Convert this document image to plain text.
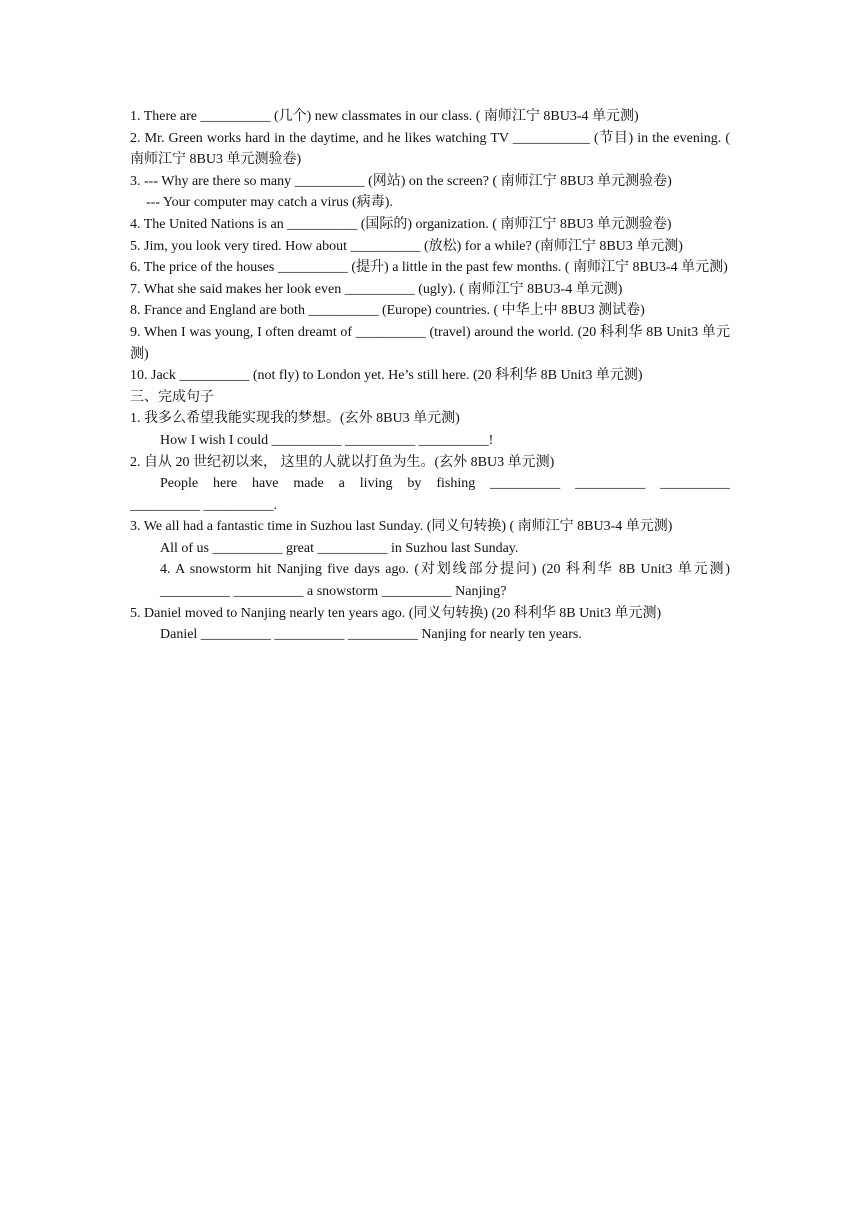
1. There are __________ (几个) new classmates in our class. ( 南师江宁 8BU3-4 单元测)
2. Mr. Green works hard in the daytime, and he likes watching TV ___________ (节目) in the evening. ( 南师江宁 8BU3 单元测验卷)
3. --- Why are there so many __________ (网站) on the screen? ( 南师江宁 8BU3 单元测验卷)
--- Your computer may catch a virus (病毒).
4. The United Nations is an __________ (国际的) organization. ( 南师江宁 8BU3 单元测验卷)
5. Jim, you look very tired. How about __________ (放松) for a while? (南师江宁 8BU3 单元测)
6. The price of the houses __________ (提升) a little in the past few months. ( 南师江宁 8BU3-4 单元测)
7. What she said makes her look even __________ (ugly). ( 南师江宁 8BU3-4 单元测)
8. France and England are both __________ (Europe) countries. ( 中华上中 8BU3 测试卷)
9. When I was young, I often dreamt of __________ (travel) around the world. (20 科利华 8B Unit3 单元测)
10. Jack __________ (not fly) to London yet. He’s still here. (20 科利华 8B Unit3 单元测)
三、完成句子
1. 我多么希望我能实现我的梦想。(玄外 8BU3 单元测)
How I wish I could __________ __________ __________!
2. 自从 20 世纪初以来， 这里的人就以打鱼为生。(玄外 8BU3 单元测)
People here have made a living by fishing __________ __________ __________
__________ __________.
3. We all had a fantastic time in Suzhou last Sunday. (同义句转换) ( 南师江宁 8BU3-4 单元测)
All of us __________ great __________ in Suzhou last Sunday.
4. A snowstorm hit Nanjing five days ago. (对划线部分提问) (20 科利华 8B Unit3 单元测) __________ __________ a snowstorm __________ Nanjing?
5. Daniel moved to Nanjing nearly ten years ago. (同义句转换) (20 科利华 8B Unit3 单元测)
Daniel __________ __________ __________ Nanjing for nearly ten years.
